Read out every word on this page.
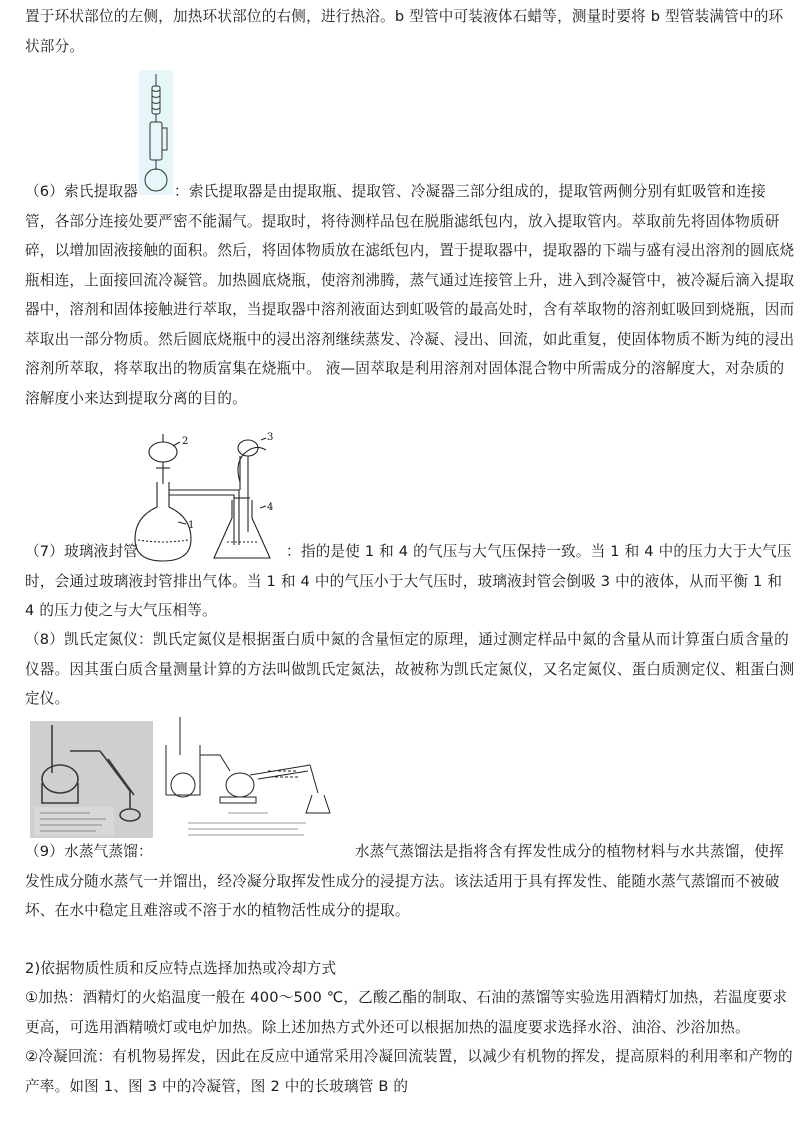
置于环状部位的左侧，加热环状部位的右侧，进行热浴。b 型管中可装液体石蜡等，测量时要将 b 型管装满管中的环状部分。

（6）索氏提取器 ：索氏提取器是由提取瓶、提取管、冷凝器三部分组成的，提取管两侧分别有虹吸管和连接管，各部分连接处要严密不能漏气。提取时，将待测样品包在脱脂滤纸包内，放入提取管内。萃取前先将固体物质研碎，以增加固液接触的面积。然后，将固体物质放在滤纸包内，置于提取器中，提取器的下端与盛有浸出溶剂的圆底烧瓶相连，上面接回流冷凝管。加热圆底烧瓶，使溶剂沸腾，蒸气通过连接管上升，进入到冷凝管中，被冷凝后滴入提取器中，溶剂和固体接触进行萃取，当提取器中溶剂液面达到虹吸管的最高处时，含有萃取物的溶剂虹吸回到烧瓶，因而萃取出一部分物质。然后圆底烧瓶中的浸出溶剂继续蒸发、冷凝、浸出、回流，如此重复，使固体物质不断为纯的浸出溶剂所萃取，将萃取出的物质富集在烧瓶中。 液—固萃取是利用溶剂对固体混合物中所需成分的溶解度大，对杂质的溶解度小来达到提取分离的目的。

2	3
1
4

（7）玻璃液封管	：指的是使 1 和 4 的气压与大气压保持一致。当 1 和 4 中的压力大于大气压时，会通过玻璃液封管排出气体。当 1 和 4 中的气压小于大气压时，玻璃液封管会倒吸 3 中的液体，从而平衡 1 和 4 的压力使之与大气压相等。

（8）凯氏定氮仪：凯氏定氮仪是根据蛋白质中氮的含量恒定的原理，通过测定样品中氮的含量从而计算蛋白质含量的仪器。因其蛋白质含量测量计算的方法叫做凯氏定氮法，故被称为凯氏定氮仪，又名定氮仪、蛋白质测定仪、粗蛋白测定仪。

（9）水蒸气蒸馏：	水蒸气蒸馏法是指将含有挥发性成分的植物材料与水共蒸馏，使挥发性成分随水蒸气一并馏出，经冷凝分取挥发性成分的浸提方法。该法适用于具有挥发性、能随水蒸气蒸馏而不被破坏、在水中稳定且难溶或不溶于水的植物活性成分的提取。

2)依据物质性质和反应特点选择加热或冷却方式

①加热：酒精灯的火焰温度一般在 400～500 ℃，乙酸乙酯的制取、石油的蒸馏等实验选用酒精灯加热，若温度要求更高，可选用酒精喷灯或电炉加热。除上述加热方式外还可以根据加热的温度要求选择水浴、油浴、沙浴加热。

②冷凝回流：有机物易挥发，因此在反应中通常采用冷凝回流装置，以减少有机物的挥发，提高原料的利用率和产物的产率。如图 1、图 3 中的冷凝管，图 2 中的长玻璃管 B 的
